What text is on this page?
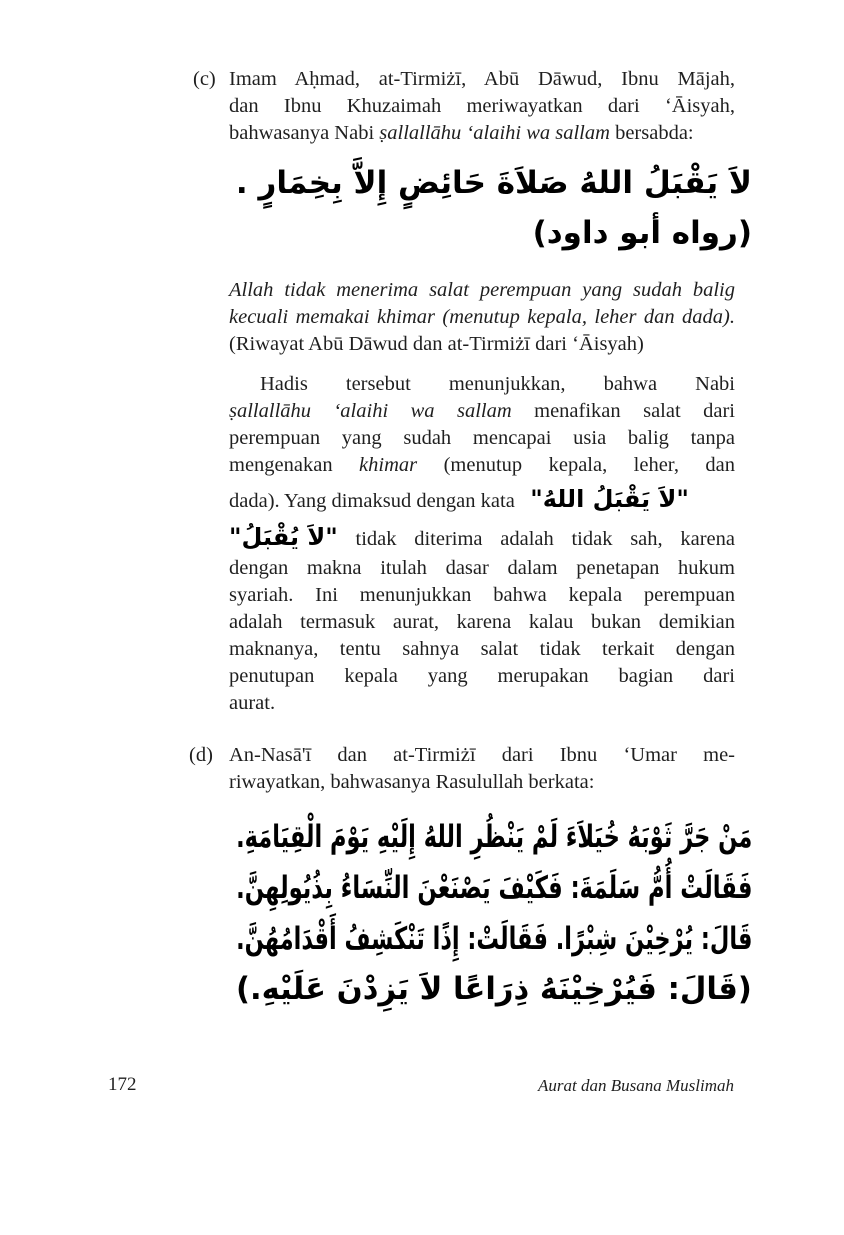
(c) Imam Aḥmad, at-Tirmiżī, Abū Dāwud, Ibnu Mājah,
dan Ibnu Khuzaimah meriwayatkan dari ‘Āisyah,
bahwasanya Nabi ṣallallāhu ‘alaihi wa sallam bersabda:
ﻻَ ﻳَﻘْﺒَﻞُ ﺍﻟﻠﻪُ ﺻَﻼَﺓَ ﺣَﺎﺋِﺾٍ ﺇِﻻَّ ﺑِﺨِﻤَﺎﺭٍ .
(ﺭﻭﺍﻩ ﺃﺑﻮ ﺩﺍﻭﺩ)
Allah tidak menerima salat perempuan yang sudah balig
kecuali memakai khimar (menutup kepala, leher dan dada).
(Riwayat Abū Dāwud dan at-Tirmiżī dari ‘Āisyah)
Hadis tersebut menunjukkan, bahwa Nabi
ṣallallāhu ‘alaihi wa sallam menafikan salat dari
perempuan yang sudah mencapai usia balig tanpa
mengenakan khimar (menutup kepala, leher, dan
dada). Yang dimaksud dengan kata "ﻻَ ﻳَﻘْﺒَﻞُ ﺍﻟﻠﻪُ"
"ﻻَ ﻳُﻘْﺒَﻞُ" tidak diterima adalah tidak sah, karena
dengan makna itulah dasar dalam penetapan hukum
syariah. Ini menunjukkan bahwa kepala perempuan
adalah termasuk aurat, karena kalau bukan demikian
maknanya, tentu sahnya salat tidak terkait dengan
penutupan kepala yang merupakan bagian dari
aurat.
(d) An-Nasā'ī dan at-Tirmiżī dari Ibnu ‘Umar me-
riwayatkan, bahwasanya Rasulullah berkata:
ﻣَﻦْ ﺟَﺮَّ ﺛَﻮْﺑَﻪُ ﺧُﻴَﻼَﺀَ ﻟَﻢْ ﻳَﻨْﻈُﺮِ ﺍﻟﻠﻪُ ﺇِﻟَﻴْﻪِ ﻳَﻮْﻡَ ﺍﻟْﻘِﻴَﺎﻣَﺔِ.
ﻓَﻘَﺎﻟَﺖْ ﺃُﻡُّ ﺳَﻠَﻤَﺔَ: ﻓَﻜَﻴْﻒَ ﻳَﺼْﻨَﻌْﻦَ ﺍﻟﻨِّﺴَﺎﺀُ ﺑِﺬُﻳُﻮﻟِﻬِﻦَّ.
ﻗَﺎﻝَ: ﻳُﺮْﺧِﻴْﻦَ ﺷِﺒْﺮًﺍ. ﻓَﻘَﺎﻟَﺖْ: ﺇِﺫًﺍ ﺗَﻨْﻜَﺸِﻒُ ﺃَﻗْﺪَﺍﻣُﻬُﻦَّ.
(ﻗَﺎﻝَ: ﻓَﻴُﺮْﺧِﻴْﻨَﻪُ ﺫِﺭَﺍﻋًﺎ ﻻَ ﻳَﺰِﺩْﻥَ ﻋَﻠَﻴْﻪِ.)
172	Aurat dan Busana Muslimah
